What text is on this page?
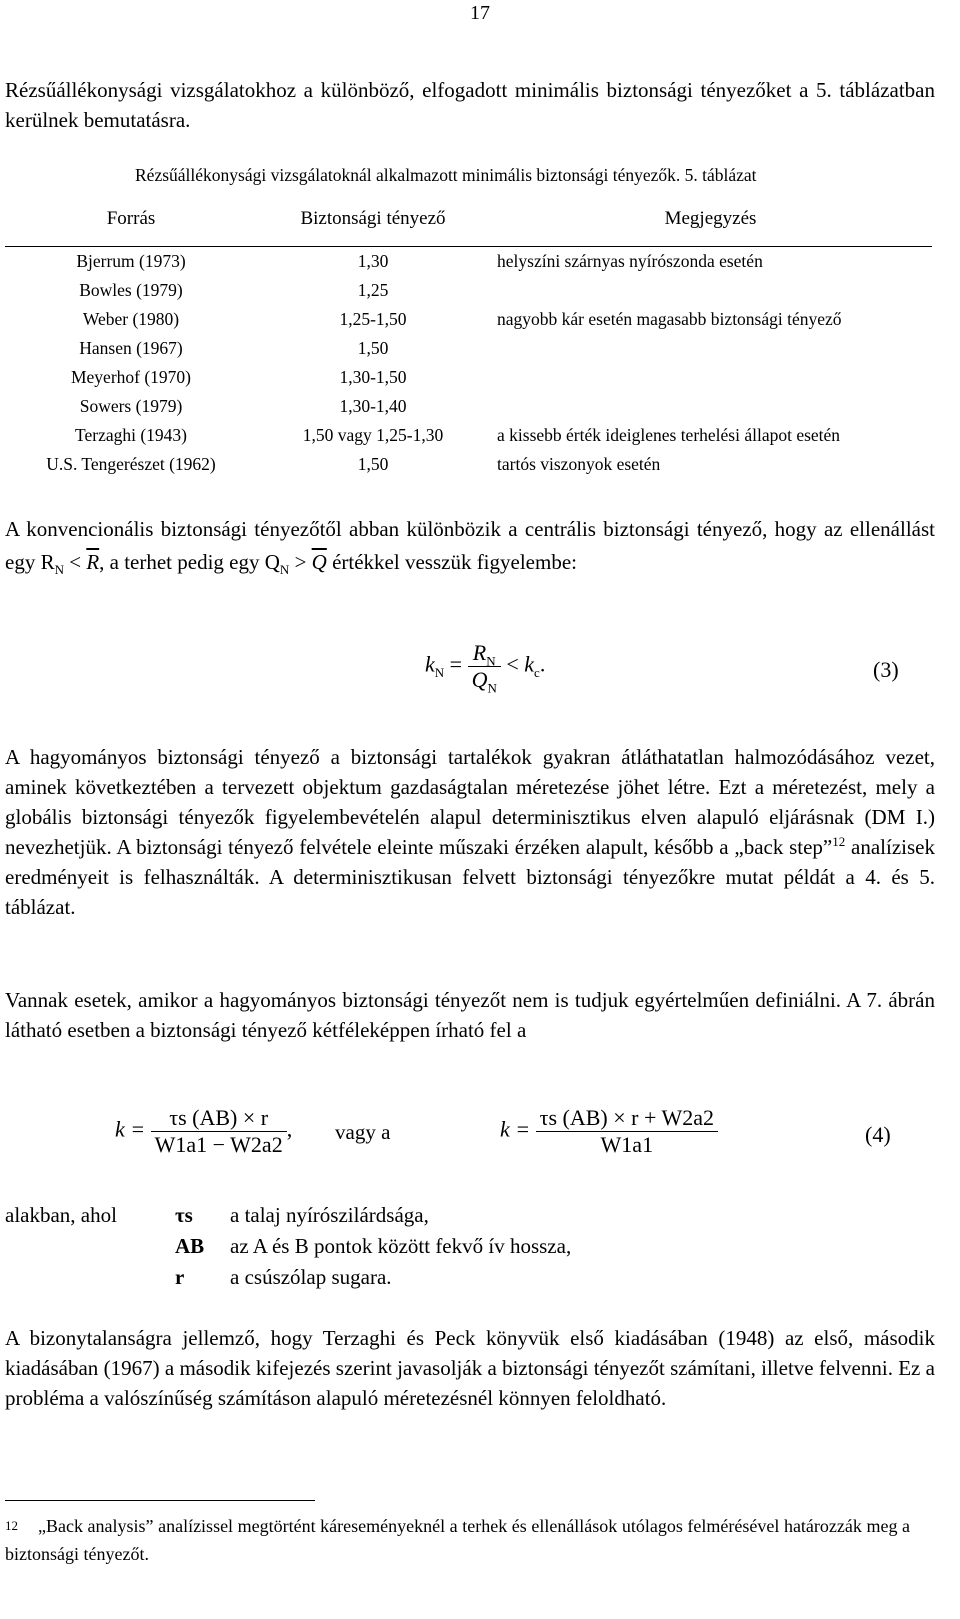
17

Rézsűállékonysági vizsgálatokhoz a különböző, elfogadott minimális biztonsági tényezőket a 5. táblázatban kerülnek bemutatásra.

Rézsűállékonysági vizsgálatoknál alkalmazott minimális biztonsági tényezők. 5. táblázat
Forrás	Biztonsági tényező	Megjegyzés
Bjerrum (1973)	1,30	helyszíni szárnyas nyírószonda esetén
Bowles (1979)	1,25	
Weber (1980)	1,25-1,50	nagyobb kár esetén magasabb biztonsági tényező
Hansen (1967)	1,50	
Meyerhof (1970)	1,30-1,50	
Sowers (1979)	1,30-1,40	
Terzaghi (1943)	1,50 vagy 1,25-1,30	a kissebb érték ideiglenes terhelési állapot esetén
U.S. Tengerészet (1962)	1,50	tartós viszonyok esetén

A konvencionális biztonsági tényezőtől abban különbözik a centrális biztonsági tényező, hogy az ellenállást egy $R_N < \overline{R}$, a terhet pedig egy $Q_N > \overline{Q}$ értékkel vesszük figyelembe:

$k_N = \frac{R_N}{Q_N} < k_c$.	(3)

A hagyományos biztonsági tényező a biztonsági tartalékok gyakran átláthatatlan halmozódásához vezet, aminek következtében a tervezett objektum gazdaságtalan méretezése jöhet létre. Ezt a méretezést, mely a globális biztonsági tényezők figyelembevételén alapul determinisztikus elven alapuló eljárásnak (DM I.) nevezhetjük. A biztonsági tényező felvétele eleinte műszaki érzéken alapult, később a „back step”$^{12}$ analízisek eredményeit is felhasználták. A determinisztikusan felvett biztonsági tényezőkre mutat példát a 4. és 5. táblázat.

Vannak esetek, amikor a hagyományos biztonsági tényezőt nem is tudjuk egyértelműen definiálni. A 7. ábrán látható esetben a biztonsági tényező kétféleképpen írható fel a

$k = \frac{\tau s (AB) \times r}{W1a1 - W2a2}$ , vagy a	$k = \frac{\tau s (AB) \times r + W2a2}{W1a1}$	(4)
alakban, ahol	τs a talaj nyírószilárdsága,
AB az A és B pontok között fekvő ív hossza,
r a csúszólap sugara.

A bizonytalanságra jellemző, hogy Terzaghi és Peck könyvük első kiadásában (1948) az első, második kiadásában (1967) a második kifejezés szerint javasolják a biztonsági tényezőt számítani, illetve felvenni. Ez a probléma a valószínűség számításon alapuló méretezésnél könnyen feloldható.

$^{12}$ „Back analysis” analízissel megtörtént káreseményeknél a terhek és ellenállások utólagos felmérésével határozzák meg a biztonsági tényezőt.
